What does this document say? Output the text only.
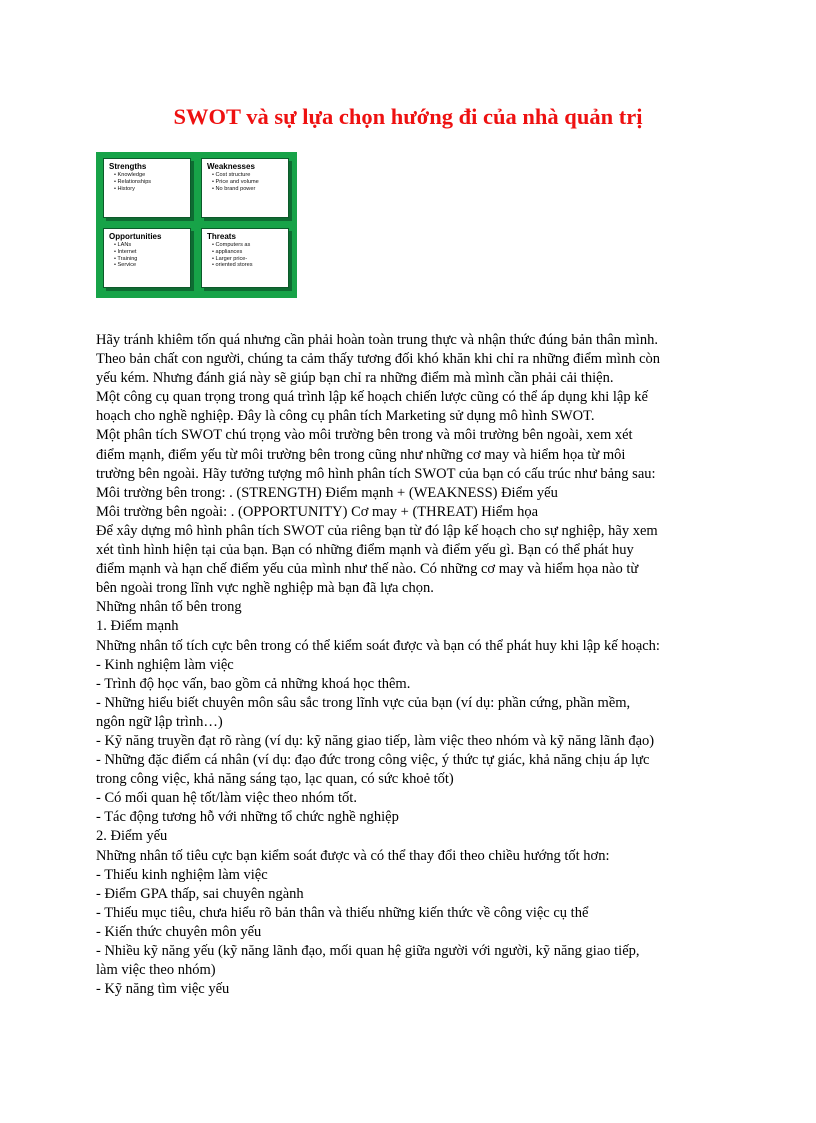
SWOT và sự lựa chọn hướng đi của nhà quản trị
Strengths
• Knowledge
• Relationships
• History
Weaknesses
• Cost structure
• Price and volume
• No brand power
Opportunities
• LANs
• Internet
• Training
• Service
Threats
• Computers as
• appliances
• Larger price-
• oriented stores
Hãy tránh khiêm tốn quá nhưng cần phải hoàn toàn trung thực và nhận thức đúng bản thân mình.
Theo bản chất con người, chúng ta cảm thấy tương đối khó khăn khi chỉ ra những điểm mình còn
yếu kém. Nhưng đánh giá này sẽ giúp bạn chỉ ra những điểm mà mình cần phải cải thiện.
Một công cụ quan trọng trong quá trình lập kế hoạch chiến lược cũng có thể áp dụng khi lập kế
hoạch cho nghề nghiệp. Đây là công cụ phân tích Marketing sử dụng mô hình SWOT.
Một phân tích SWOT chú trọng vào môi trường bên trong và môi trường bên ngoài, xem xét
điểm mạnh, điểm yếu từ môi trường bên trong cũng như những cơ may và hiểm họa từ môi
trường bên ngoài. Hãy tưởng tượng mô hình phân tích SWOT của bạn có cấu trúc như bảng sau:
Môi trường bên trong: . (STRENGTH) Điểm mạnh + (WEAKNESS) Điểm yếu
Môi trường bên ngoài: . (OPPORTUNITY) Cơ may + (THREAT) Hiểm họa
Để xây dựng mô hình phân tích SWOT của riêng bạn từ đó lập kế hoạch cho sự nghiệp, hãy xem
xét tình hình hiện tại của bạn. Bạn có những điểm mạnh và điểm yếu gì. Bạn có thể phát huy
điểm mạnh và hạn chế điểm yếu của mình như thế nào. Có những cơ may và hiểm họa nào từ
bên ngoài trong lĩnh vực nghề nghiệp mà bạn đã lựa chọn.
Những nhân tố bên trong
1. Điểm mạnh
Những nhân tố tích cực bên trong có thể kiểm soát được và bạn có thể phát huy khi lập kế hoạch:
- Kinh nghiệm làm việc
- Trình độ học vấn, bao gồm cả những khoá học thêm.
- Những hiểu biết chuyên môn sâu sắc trong lĩnh vực của bạn (ví dụ: phần cứng, phần mềm,
ngôn ngữ lập trình…)
- Kỹ năng truyền đạt rõ ràng (ví dụ: kỹ năng giao tiếp, làm việc theo nhóm và kỹ năng lãnh đạo)
- Những đặc điểm cá nhân (ví dụ: đạo đức trong công việc, ý thức tự giác, khả năng chịu áp lực
trong công việc, khả năng sáng tạo, lạc quan, có sức khoẻ tốt)
- Có mối quan hệ tốt/làm việc theo nhóm tốt.
- Tác động tương hỗ với những tổ chức nghề nghiệp
2. Điểm yếu
Những nhân tố tiêu cực bạn kiểm soát được và có thể thay đổi theo chiều hướng tốt hơn:
- Thiếu kinh nghiệm làm việc
- Điểm GPA thấp, sai chuyên ngành
- Thiếu mục tiêu, chưa hiểu rõ bản thân và thiếu những kiến thức về công việc cụ thể
- Kiến thức chuyên môn yếu
- Nhiều kỹ năng yếu (kỹ năng lãnh đạo, mối quan hệ giữa người với người, kỹ năng giao tiếp,
làm việc theo nhóm)
- Kỹ năng tìm việc yếu
